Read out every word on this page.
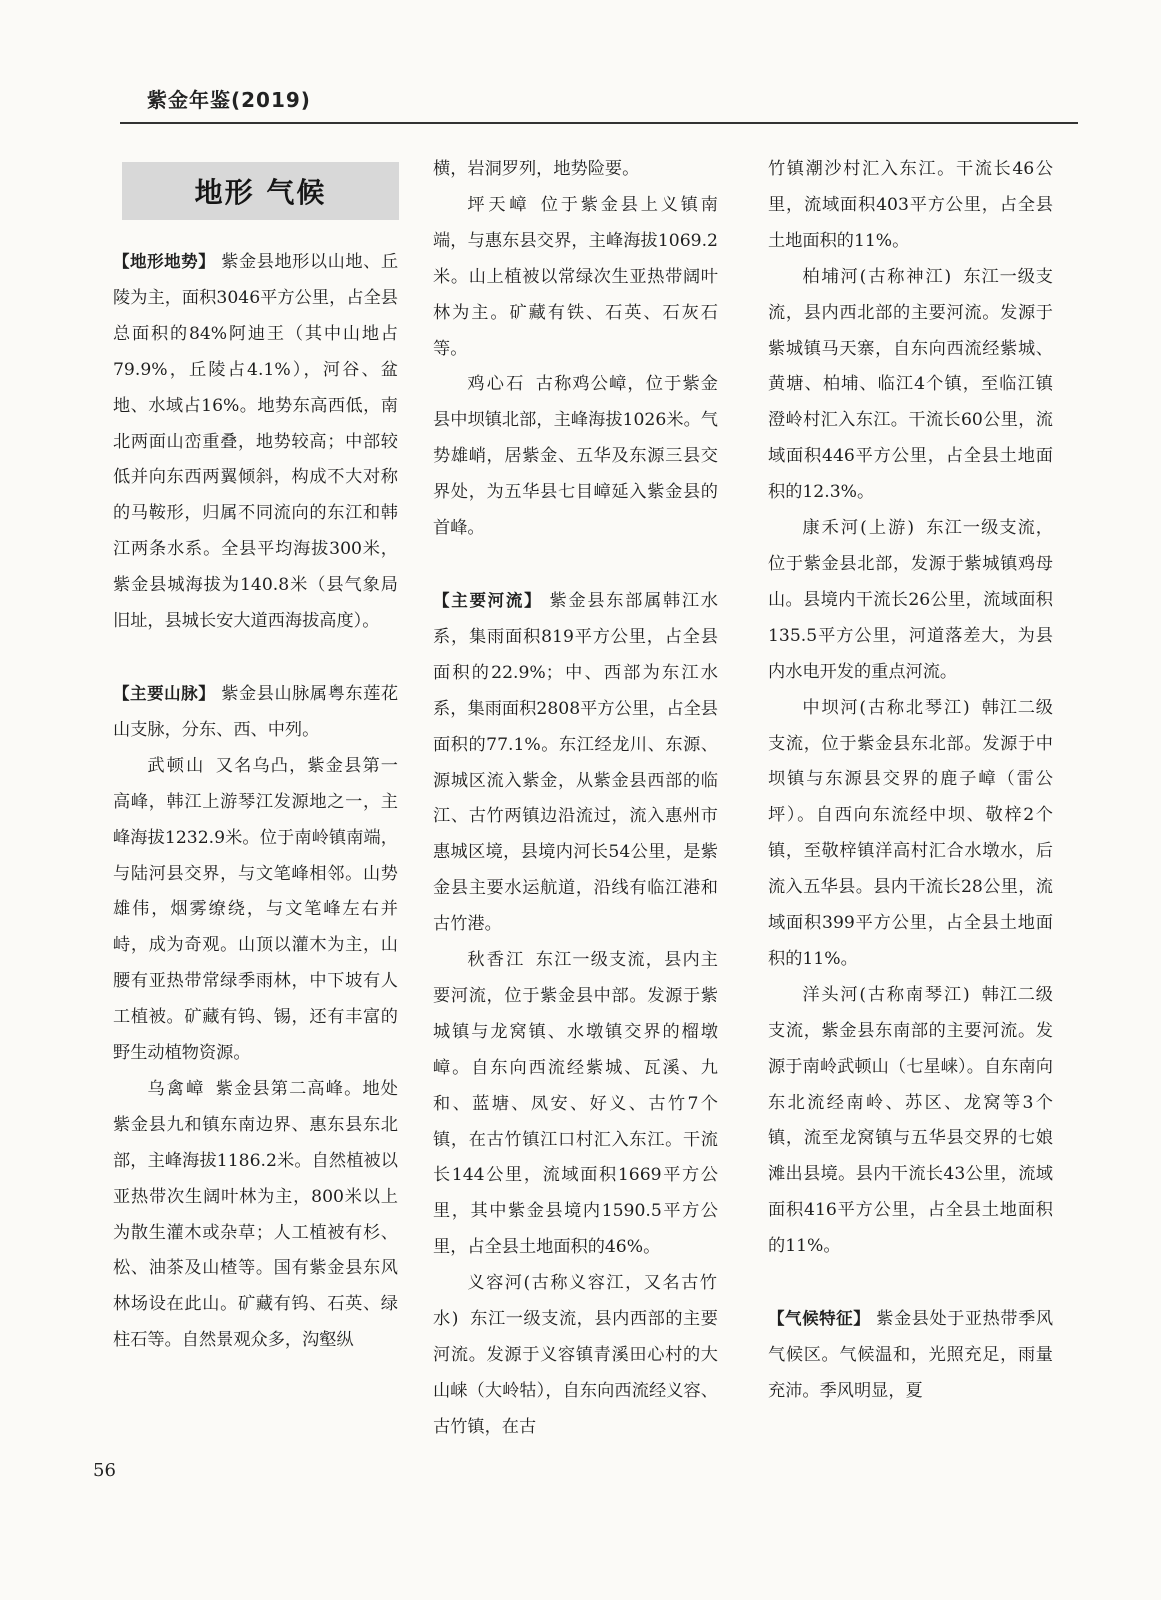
紫金年鉴(2019)
地形 气候

【地形地势】 紫金县地形以山地、丘陵为主，面积3046平方公里，占全县总面积的84%阿迪王（其中山地占79.9%，丘陵占4.1%），河谷、盆地、水域占16%。地势东高西低，南北两面山峦重叠，地势较高；中部较低并向东西两翼倾斜，构成不大对称的马鞍形，归属不同流向的东江和韩江两条水系。全县平均海拔300米，紫金县城海拔为140.8米（县气象局旧址，县城长安大道西海拔高度）。

【主要山脉】 紫金县山脉属粤东莲花山支脉，分东、西、中列。

武顿山 又名乌凸，紫金县第一高峰，韩江上游琴江发源地之一，主峰海拔1232.9米。位于南岭镇南端，与陆河县交界，与文笔峰相邻。山势雄伟，烟雾缭绕，与文笔峰左右并峙，成为奇观。山顶以灌木为主，山腰有亚热带常绿季雨林，中下坡有人工植被。矿藏有钨、锡，还有丰富的野生动植物资源。

乌禽嶂 紫金县第二高峰。地处紫金县九和镇东南边界、惠东县东北部，主峰海拔1186.2米。自然植被以亚热带次生阔叶林为主，800米以上为散生灌木或杂草；人工植被有杉、松、油茶及山楂等。国有紫金县东风林场设在此山。矿藏有钨、石英、绿柱石等。自然景观众多，沟壑纵

横，岩洞罗列，地势险要。

坪天嶂 位于紫金县上义镇南端，与惠东县交界，主峰海拔1069.2米。山上植被以常绿次生亚热带阔叶林为主。矿藏有铁、石英、石灰石等。

鸡心石 古称鸡公嶂，位于紫金县中坝镇北部，主峰海拔1026米。气势雄峭，居紫金、五华及东源三县交界处，为五华县七目嶂延入紫金县的首峰。

【主要河流】 紫金县东部属韩江水系，集雨面积819平方公里，占全县面积的22.9%；中、西部为东江水系，集雨面积2808平方公里，占全县面积的77.1%。东江经龙川、东源、源城区流入紫金，从紫金县西部的临江、古竹两镇边沿流过，流入惠州市惠城区境，县境内河长54公里，是紫金县主要水运航道，沿线有临江港和古竹港。

秋香江 东江一级支流，县内主要河流，位于紫金县中部。发源于紫城镇与龙窝镇、水墩镇交界的榴墩嶂。自东向西流经紫城、瓦溪、九和、蓝塘、凤安、好义、古竹7个镇，在古竹镇江口村汇入东江。干流长144公里，流域面积1669平方公里，其中紫金县境内1590.5平方公里，占全县土地面积的46%。

义容河(古称义容江，又名古竹水) 东江一级支流，县内西部的主要河流。发源于义容镇青溪田心村的大山崃（大岭牯），自东向西流经义容、古竹镇，在古

竹镇潮沙村汇入东江。干流长46公里，流域面积403平方公里，占全县土地面积的11%。

柏埔河(古称神江) 东江一级支流，县内西北部的主要河流。发源于紫城镇马天寨，自东向西流经紫城、黄塘、柏埔、临江4个镇，至临江镇澄岭村汇入东江。干流长60公里，流域面积446平方公里，占全县土地面积的12.3%。

康禾河(上游) 东江一级支流，位于紫金县北部，发源于紫城镇鸡母山。县境内干流长26公里，流域面积135.5平方公里，河道落差大，为县内水电开发的重点河流。

中坝河(古称北琴江) 韩江二级支流，位于紫金县东北部。发源于中坝镇与东源县交界的鹿子嶂（雷公坪）。自西向东流经中坝、敬梓2个镇，至敬梓镇洋高村汇合水墩水，后流入五华县。县内干流长28公里，流域面积399平方公里，占全县土地面积的11%。

洋头河(古称南琴江) 韩江二级支流，紫金县东南部的主要河流。发源于南岭武顿山（七星崃）。自东南向东北流经南岭、苏区、龙窝等3个镇，流至龙窝镇与五华县交界的七娘滩出县境。县内干流长43公里，流域面积416平方公里，占全县土地面积的11%。

【气候特征】 紫金县处于亚热带季风气候区。气候温和，光照充足，雨量充沛。季风明显，夏

56
